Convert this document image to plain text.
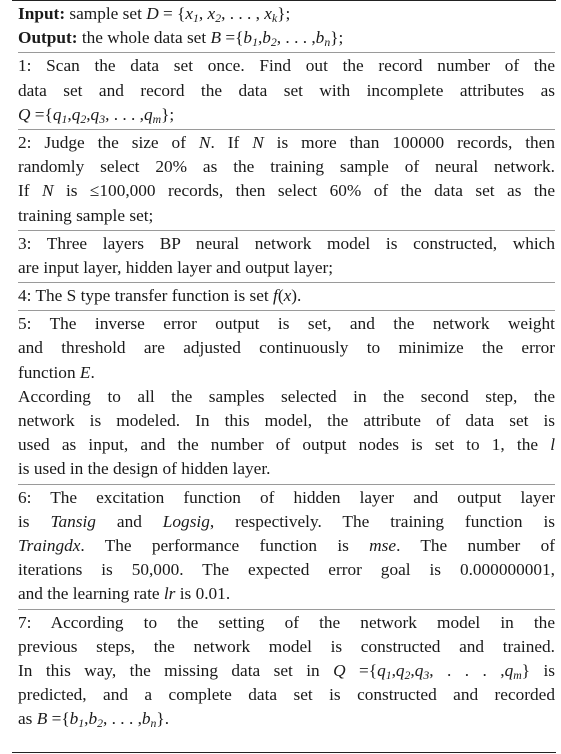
Input: sample set $D = \{x_1$, $x_2$, . . . , $x_k$};
Output: the whole data set $B =\{b_1,b_2$, . . . $,b_n$};
1: Scan the data set once. Find out the record number of the
data set and record the data set with incomplete attributes as
$Q =\{q_1,q_2,q_3$, . . . $,q_m$};
2: Judge the size of N. If N is more than 100000 records, then
randomly select 20% as the training sample of neural network.
If N is ≤100,000 records, then select 60% of the data set as the
training sample set;
3: Three layers BP neural network model is constructed, which
are input layer, hidden layer and output layer;
4: The S type transfer function is set f(x).
5: The inverse error output is set, and the network weight
and threshold are adjusted continuously to minimize the error
function E.
According to all the samples selected in the second step, the
network is modeled. In this model, the attribute of data set is
used as input, and the number of output nodes is set to 1, the l
is used in the design of hidden layer.
6: The excitation function of hidden layer and output layer
is Tansig and Logsig, respectively. The training function is
Traingdx. The performance function is mse. The number of
iterations is 50,000. The expected error goal is 0.000000001,
and the learning rate lr is 0.01.
7: According to the setting of the network model in the
previous steps, the network model is constructed and trained.
In this way, the missing data set in $Q =\{q_1,q_2,q_3$, . . . $,q_m$} is
predicted, and a complete data set is constructed and recorded
as $B =\{b_1,b_2$, . . . $,b_n$}.
